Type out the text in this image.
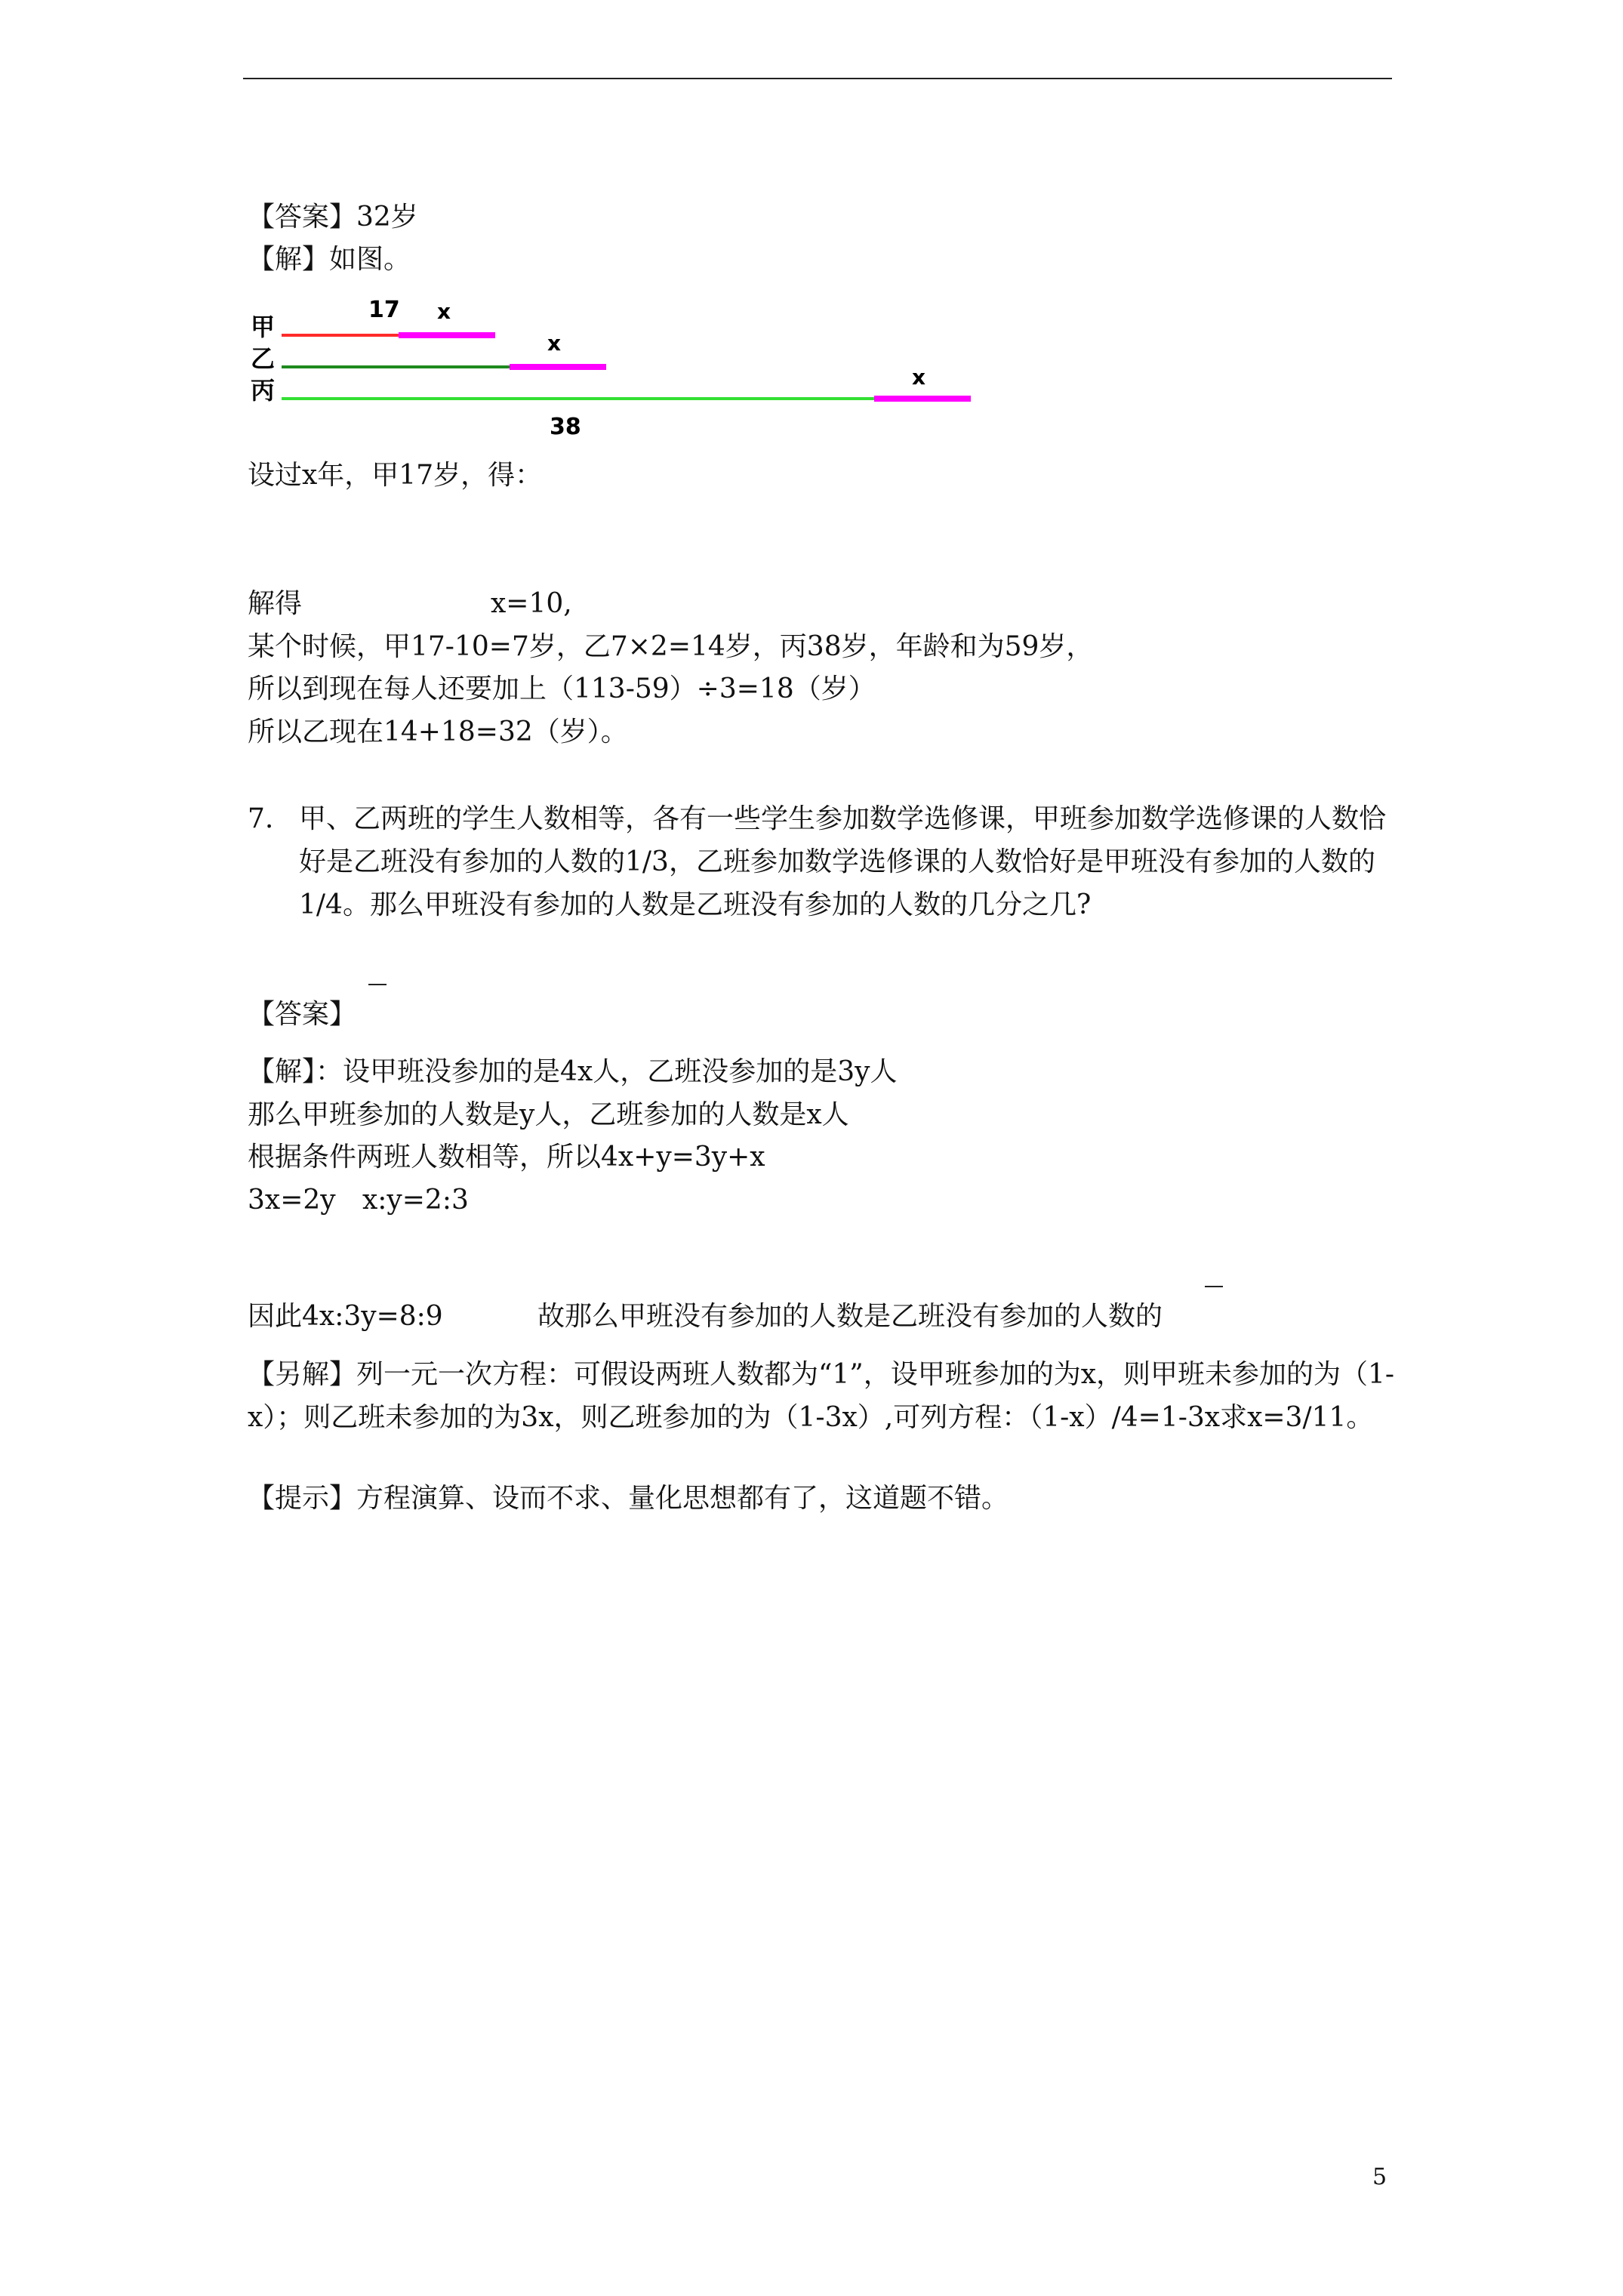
【答案】32岁
【解】如图。
甲
乙
丙
17 x
x
x
38
设过x年，甲17岁，得：
解得	x=10,
某个时候，甲17-10=7岁，乙7×2=14岁，丙38岁，年龄和为59岁，
所以到现在每人还要加上（113-59）÷3=18（岁）
所以乙现在14+18=32（岁）。
7. 甲、乙两班的学生人数相等，各有一些学生参加数学选修课，甲班参加数学选修课的人数恰好是乙班没有参加的人数的1/3，乙班参加数学选修课的人数恰好是甲班没有参加的人数的1/4。那么甲班没有参加的人数是乙班没有参加的人数的几分之几?
【答案】
【解】：设甲班没参加的是4x人，乙班没参加的是3y人
那么甲班参加的人数是y人，乙班参加的人数是x人
根据条件两班人数相等，所以4x+y=3y+x
3x=2y x:y=2:3
因此4x:3y=8:9	故那么甲班没有参加的人数是乙班没有参加的人数的
【另解】列一元一次方程：可假设两班人数都为“1”，设甲班参加的为x，则甲班未参加的为（1-x）；则乙班未参加的为3x，则乙班参加的为（1-3x）,可列方程：（1-x）/4=1-3x求x=3/11。
【提示】方程演算、设而不求、量化思想都有了，这道题不错。
5
